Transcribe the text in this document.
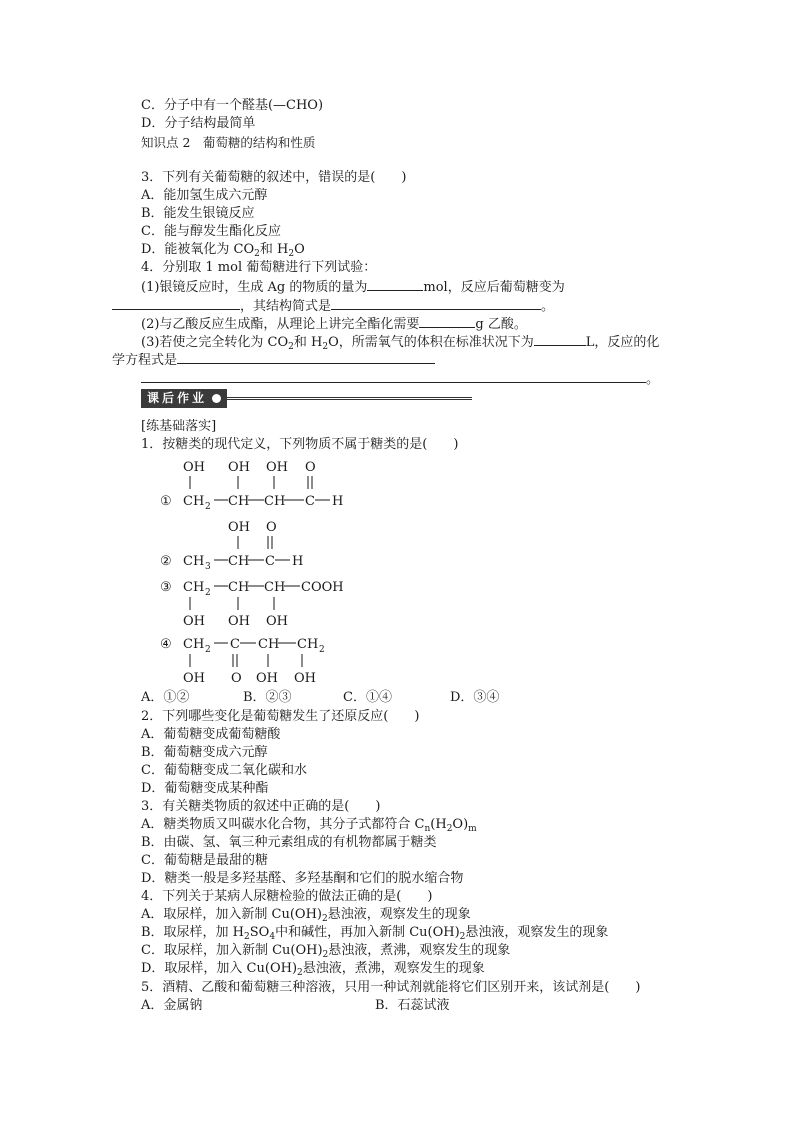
C．分子中有一个醛基(—CHO)
D．分子结构最简单
知识点 2　葡萄糖的结构和性质
3．下列有关葡萄糖的叙述中，错误的是(　　)
A．能加氢生成六元醇
B．能发生银镜反应
C．能与醇发生酯化反应
D．能被氧化为 $CO_2$和 $H_2O$
4．分别取 1 mol 葡萄糖进行下列试验：
(1)银镜反应时，生成 Ag 的物质的量为	mol，反应后葡萄糖变为
，其结构简式是	。
(2)与乙酸反应生成酯，从理论上讲完全酯化需要	g 乙酸。
(3)若使之完全转化为 $CO_2$和 $H_2O$，所需氧气的体积在标准状况下为	L，反应的化
学方程式是
。
课后作业
[练基础落实]
1．按糖类的现代定义，下列物质不属于糖类的是(　　)
OH OH OH O
① CH 2 CH CH C H
OH O
② CH 3 CH C H
③ CH 2 CH CH COOH
OH OH OH
④ CH 2 C CH CH 2
OH O OH OH
A．①②	B．②③	C．①④	D．③④
2．下列哪些变化是葡萄糖发生了还原反应(　　)
A．葡萄糖变成葡萄糖酸
B．葡萄糖变成六元醇
C．葡萄糖变成二氧化碳和水
D．葡萄糖变成某种酯
3．有关糖类物质的叙述中正确的是(　　)
A．糖类物质又叫碳水化合物，其分子式都符合 $C_n(H_2O)_m$
B．由碳、氢、氧三种元素组成的有机物都属于糖类
C．葡萄糖是最甜的糖
D．糖类一般是多羟基醛、多羟基酮和它们的脱水缩合物
4．下列关于某病人尿糖检验的做法正确的是(　　)
A．取尿样，加入新制 $Cu(OH)_2$悬浊液，观察发生的现象
B．取尿样，加 $H_2SO_4$中和碱性，再加入新制 $Cu(OH)_2$悬浊液，观察发生的现象
C．取尿样，加入新制 $Cu(OH)_2$悬浊液，煮沸，观察发生的现象
D．取尿样，加入 $Cu(OH)_2$悬浊液，煮沸，观察发生的现象
5．酒精、乙酸和葡萄糖三种溶液，只用一种试剂就能将它们区别开来，该试剂是(　　)
A．金属钠	B．石蕊试液
